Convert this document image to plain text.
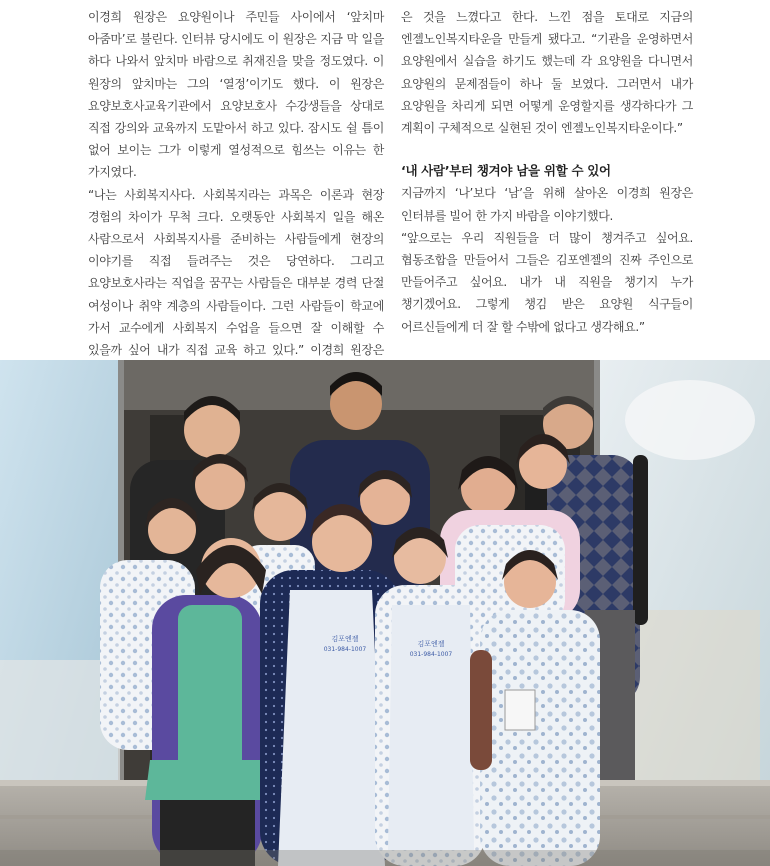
이경희 원장은 요양원이나 주민들 사이에서 ‘앞치마 아줌마’로 불린다. 인터뷰 당시에도 이 원장은 지금 막 일을 하다 나와서 앞치마 바람으로 취재진을 맞을 정도였다. 이 원장의 앞치마는 그의 ‘열정’이기도 했다. 이 원장은 요양보호사교육기관에서 요양보호사 수강생들을 상대로 직접 강의와 교육까지 도맡아서 하고 있다. 잠시도 쉴 틈이 없어 보이는 그가 이렇게 열성적으로 힘쓰는 이유는 한 가지였다.

“나는 사회복지사다. 사회복지라는 과목은 이론과 현장 경험의 차이가 무척 크다. 오랫동안 사회복지 일을 해온 사람으로서 사회복지사를 준비하는 사람들에게 현장의 이야기를 직접 들려주는 것은 당연하다. 그리고 요양보호사라는 직업을 꿈꾸는 사람들은 대부분 경력 단절 여성이나 취약 계층의 사람들이다. 그런 사람들이 학교에 가서 교수에게 사회복지 수업을 들으면 잘 이해할 수 있을까 싶어 내가 직접 교육 하고 있다.” 이경희 원장은

은 것을 느꼈다고 한다. 느낀 점을 토대로 지금의 엔젤노인복지타운을 만들게 됐다고. “기관을 운영하면서 요양원에서 실습을 하기도 했는데 각 요양원을 다니면서 요양원의 문제점들이 하나 둘 보였다. 그러면서 내가 요양원을 차리게 되면 어떻게 운영할지를 생각하다가 그 계획이 구체적으로 실현된 것이 엔젤노인복지타운이다.”

‘내 사람’부터 챙겨야 남을 위할 수 있어

지금까지 ‘나’보다 ‘남’을 위해 살아온 이경희 원장은 인터뷰를 빌어 한 가지 바람을 이야기했다.

“앞으로는 우리 직원들을 더 많이 챙겨주고 싶어요. 협동조합을 만들어서 그들은 김포엔젤의 진짜 주인으로 만들어주고 싶어요. 내가 내 직원을 챙기지 누가 챙기겠어요. 그렇게 챙김 받은 요양원 식구들이 어르신들에게 더 잘 할 수밖에 없다고 생각해요.”

김포엔젤
031-984-1007
김포엔젤
031-984-1007
